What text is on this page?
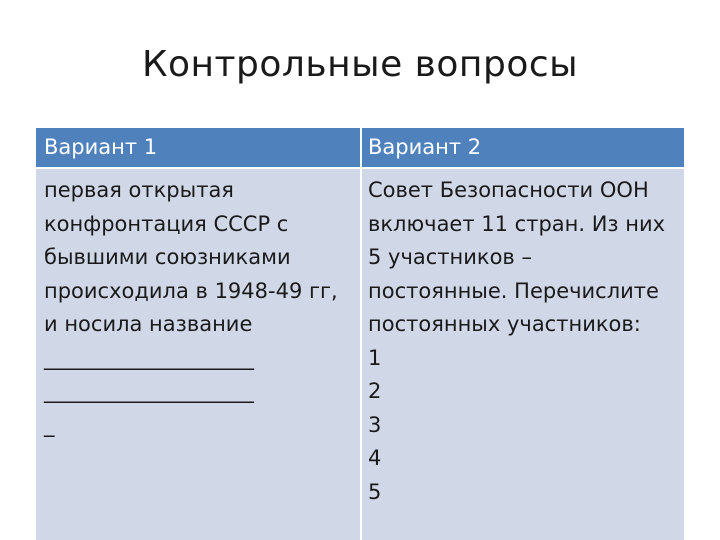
Контрольные вопросы
Вариант 1	Вариант 2
первая открытая
конфронтация СССР с
бывшими союзниками
происходила в 1948-49 гг,
и носила название
____________________
____________________
_
Совет Безопасности ООН
включает 11 стран. Из них
5 участников –
постоянные. Перечислите
постоянных участников:
1
2
3
4
5
